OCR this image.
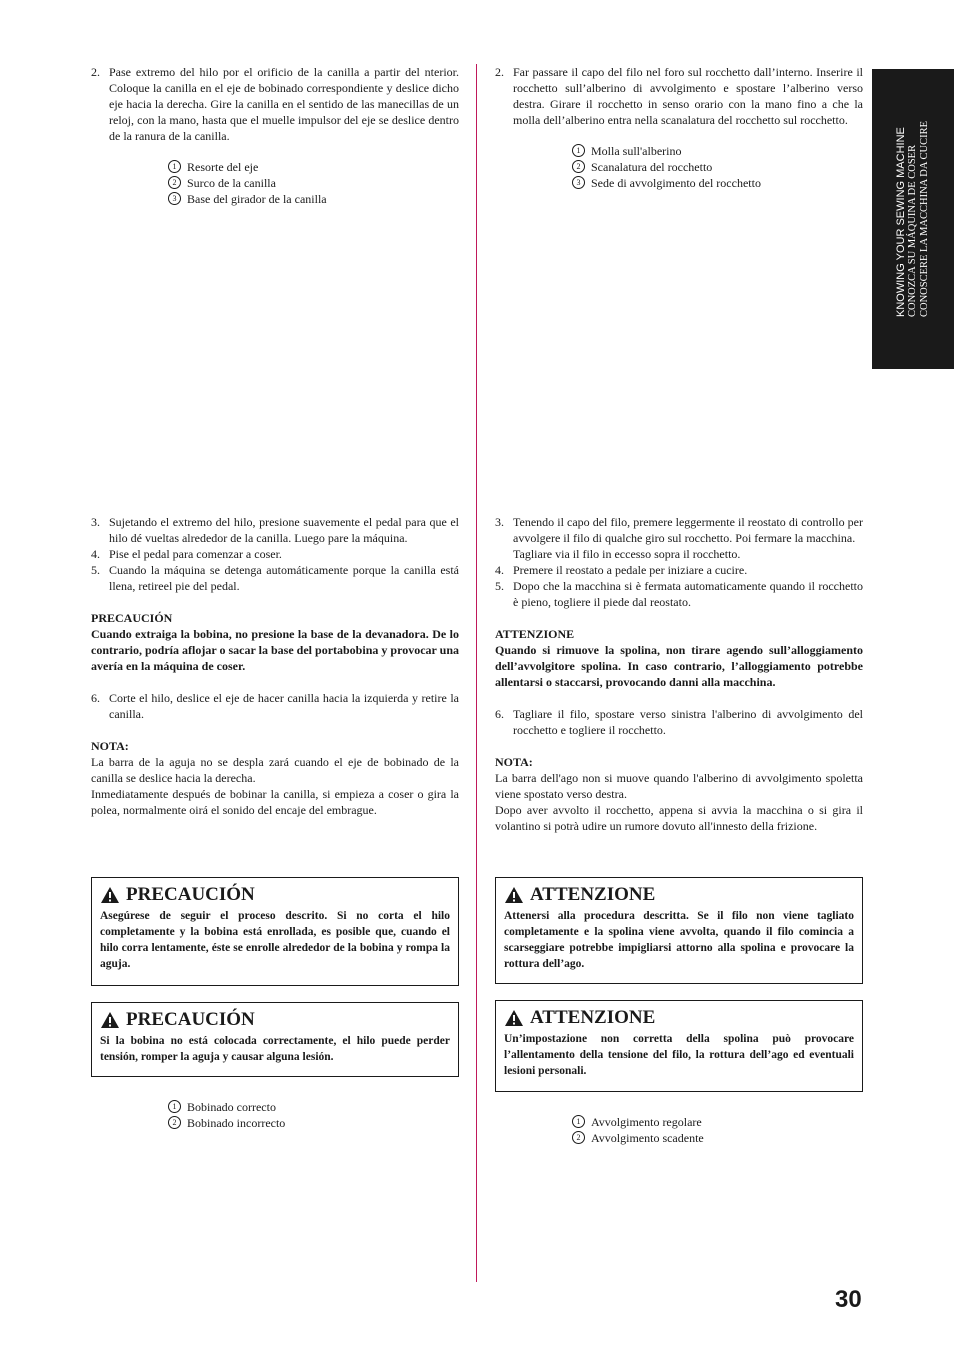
2. Pase extremo del hilo por el orificio de la canilla a partir del nterior. Coloque la canilla en el eje de bobinado correspondiente y deslice dicho eje hacia la derecha. Gire la canilla en el sentido de las manecillas de un reloj, con la mano, hasta que el muelle impulsor del eje se deslice dentro de la ranura de la canilla.
1 Resorte del eje
2 Surco de la canilla
3 Base del girador de la canilla
3. Sujetando el extremo del hilo, presione suavemente el pedal para que el hilo dé vueltas alrededor de la canilla. Luego pare la máquina.
4. Pise el pedal para comenzar a coser.
5. Cuando la máquina se detenga automáticamente porque la canilla está llena, retireel pie del pedal.
PRECAUCIÓN

Cuando extraiga la bobina, no presione la base de la devanadora. De lo contrario, podría aflojar o sacar la base del portabobina y provocar una avería en la máquina de coser.

6. Corte el hilo, deslice el eje de hacer canilla hacia la izquierda y retire la canilla.
NOTA:

La barra de la aguja no se despla zará cuando el eje de bobinado de la canilla se deslice hacia la derecha.

Inmediatamente después de bobinar la canilla, si empieza a coser o gira la polea, normalmente oirá el sonido del encaje del embrague.

PRECAUCIÓN
Asegúrese de seguir el proceso descrito. Si no corta el hilo completamente y la bobina está enrollada, es posible que, cuando el hilo corra lentamente, éste se enrolle alrededor de la bobina y rompa la aguja.
PRECAUCIÓN
Si la bobina no está colocada correctamente, el hilo puede perder tensión, romper la aguja y causar alguna lesión.
1 Bobinado correcto
2 Bobinado incorrecto
2. Far passare il capo del filo nel foro sul rocchetto dall’interno. Inserire il rocchetto sull’alberino di avvolgimento e spostare l’alberino verso destra. Girare il rocchetto in senso orario con la mano fino a che la molla dell’alberino entra nella scanalatura del rocchetto sul rocchetto.
1 Molla sull'alberino
2 Scanalatura del rocchetto
3 Sede di avvolgimento del rocchetto
3. Tenendo il capo del filo, premere leggermente il reostato di controllo per avvolgere il filo di qualche giro sul rocchetto. Poi fermare la macchina.
Tagliare via il filo in eccesso sopra il rocchetto.
4. Premere il reostato a pedale per iniziare a cucire.
5. Dopo che la macchina si è fermata automaticamente quando il rocchetto è pieno, togliere il piede dal reostato.
ATTENZIONE

Quando si rimuove la spolina, non tirare agendo sull’alloggiamento dell’avvolgitore spolina. In caso contrario, l’alloggiamento potrebbe allentarsi o staccarsi, provocando danni alla macchina.

6. Tagliare il filo, spostare verso sinistra l'alberino di avvolgimento del rocchetto e togliere il rocchetto.
NOTA:

La barra dell'ago non si muove quando l'alberino di avvolgimento spoletta viene spostato verso destra.

Dopo aver avvolto il rocchetto, appena si avvia la macchina o si gira il volantino si potrà udire un rumore dovuto all'innesto della frizione.

ATTENZIONE
Attenersi alla procedura descritta. Se il filo non viene tagliato completamente e la spolina viene avvolta, quando il filo comincia a scarseggiare potrebbe impigliarsi attorno alla spolina e provocare la rottura dell’ago.
ATTENZIONE
Un’impostazione non corretta della spolina può provocare l’allentamento della tensione del filo, la rottura dell’ago ed eventuali lesioni personali.
1 Avvolgimento regolare
2 Avvolgimento scadente
KNOWING YOUR SEWING MACHINE CONOZCA SU MÁQUINA DE COSER CONOSCERE LA MACCHINA DA CUCIRE
30
